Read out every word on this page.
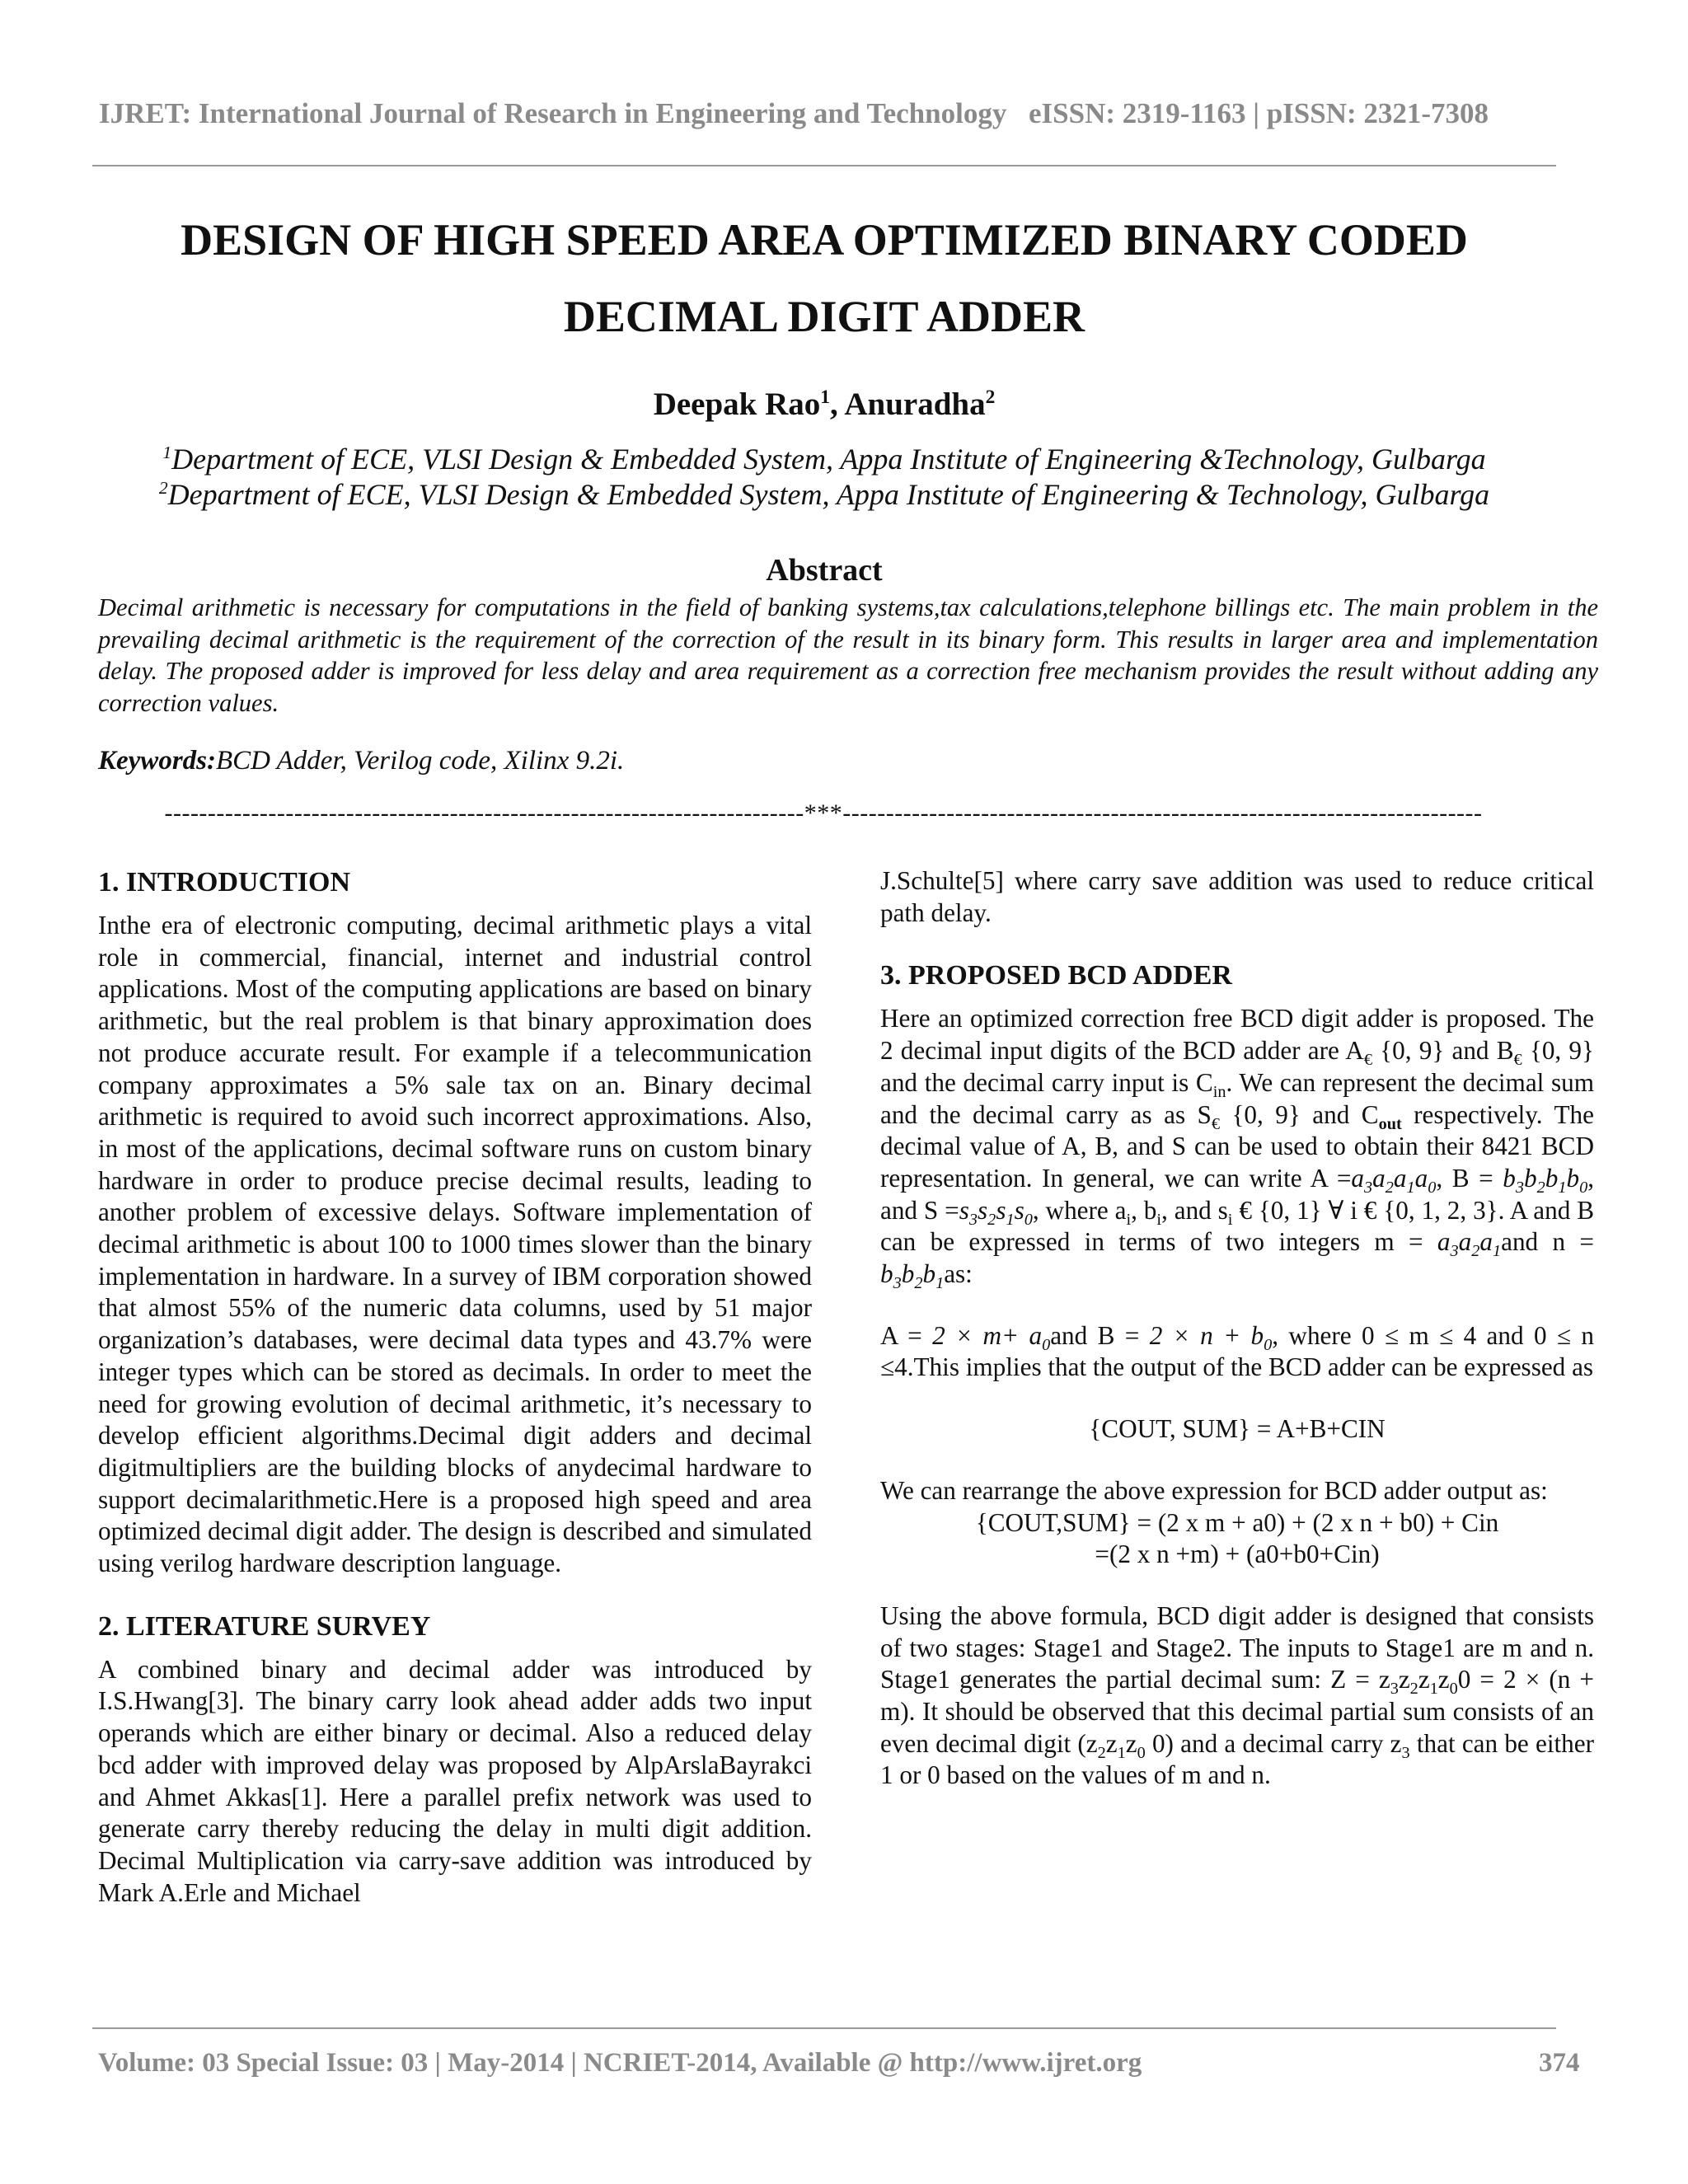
IJRET: International Journal of Research in Engineering and Technology eISSN: 2319-1163 | pISSN: 2321-7308
DESIGN OF HIGH SPEED AREA OPTIMIZED BINARY CODED
DECIMAL DIGIT ADDER
Deepak Rao$^1$, Anuradha$^2$
$^1$Department of ECE, VLSI Design & Embedded System, Appa Institute of Engineering &Technology, Gulbarga
$^2$Department of ECE, VLSI Design & Embedded System, Appa Institute of Engineering & Technology, Gulbarga
Abstract
Decimal arithmetic is necessary for computations in the field of banking systems,tax calculations,telephone billings etc. The main problem in the prevailing decimal arithmetic is the requirement of the correction of the result in its binary form. This results in larger area and implementation delay. The proposed adder is improved for less delay and area requirement as a correction free mechanism provides the result without adding any correction values.
Keywords:BCD Adder, Verilog code, Xilinx 9.2i.
--------------------------------------------------------------------------***--------------------------------------------------------------------------
1. INTRODUCTION

Inthe era of electronic computing, decimal arithmetic plays a vital role in commercial, financial, internet and industrial control applications. Most of the computing applications are based on binary arithmetic, but the real problem is that binary approximation does not produce accurate result. For example if a telecommunication company approximates a 5% sale tax on an. Binary decimal arithmetic is required to avoid such incorrect approximations. Also, in most of the applications, decimal software runs on custom binary hardware in order to produce precise decimal results, leading to another problem of excessive delays. Software implementation of decimal arithmetic is about 100 to 1000 times slower than the binary implementation in hardware. In a survey of IBM corporation showed that almost 55% of the numeric data columns, used by 51 major organization’s databases, were decimal data types and 43.7% were integer types which can be stored as decimals. In order to meet the need for growing evolution of decimal arithmetic, it’s necessary to develop efficient algorithms.Decimal digit adders and decimal digitmultipliers are the building blocks of anydecimal hardware to support decimalarithmetic.Here is a proposed high speed and area optimized decimal digit adder. The design is described and simulated using verilog hardware description language.

2. LITERATURE SURVEY

A combined binary and decimal adder was introduced by I.S.Hwang[3]. The binary carry look ahead adder adds two input operands which are either binary or decimal. Also a reduced delay bcd adder with improved delay was proposed by AlpArslaBayrakci and Ahmet Akkas[1]. Here a parallel prefix network was used to generate carry thereby reducing the delay in multi digit addition. Decimal Multiplication via carry-save addition was introduced by Mark A.Erle and Michael

J.Schulte[5] where carry save addition was used to reduce critical path delay.

3. PROPOSED BCD ADDER

Here an optimized correction free BCD digit adder is proposed. The 2 decimal input digits of the BCD adder are $A_€$ {0, 9} and $B_€$ {0, 9} and the decimal carry input is $C_{in}$. We can represent the decimal sum and the decimal carry as as $S_€$ {0, 9} and $C_{out}$ respectively. The decimal value of A, B, and S can be used to obtain their 8421 BCD representation. In general, we can write $A =a_3a_2a_1a_0$, $B = b_3b_2b_1b_0$, and $S =s_3s_2s_1s_0$, where $a_i$, $b_i$, and $s_i$ € {0, 1} ∀ i € {0, 1, 2, 3}. A and B can be expressed in terms of two integers $m = a_3a_2a_1and$ $n = b_3b_2b_1as$:

$A = 2 \times m+ a_0and$ $B = 2 \times n + b_0$, where 0 ≤ m ≤ 4 and 0 ≤ n ≤4.This implies that the output of the BCD adder can be expressed as

{COUT, SUM} = A+B+CIN

We can rearrange the above expression for BCD adder output as:

{COUT,SUM} = (2 x m + a0) + (2 x n + b0) + Cin

=(2 x n +m) + (a0+b0+Cin)

Using the above formula, BCD digit adder is designed that consists of two stages: Stage1 and Stage2. The inputs to Stage1 are m and n. Stage1 generates the partial decimal sum: $Z = z_3z_2z_1z_00 = 2 \times (n + m)$. It should be observed that this decimal partial sum consists of an even decimal digit ($z_2z_1z_0$ 0) and a decimal carry $z_3$ that can be either 1 or 0 based on the values of m and n.

Volume: 03 Special Issue: 03 | May-2014 | NCRIET-2014, Available @ http://www.ijret.org	374
